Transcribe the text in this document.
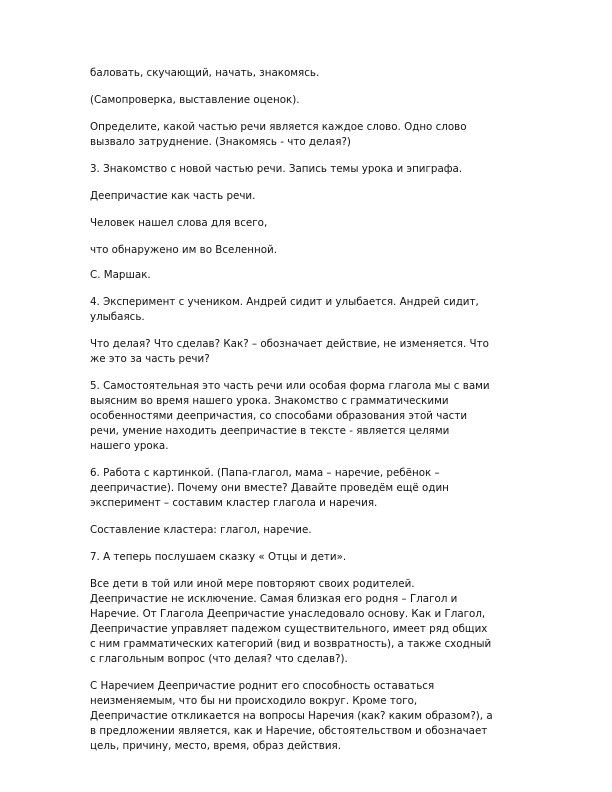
баловать, скучающий, начать, знакомясь.

(Самопроверка, выставление оценок).

Определите, какой частью речи является каждое слово. Одно слово
вызвало затруднение. (Знакомясь - что делая?)

3. Знакомство с новой частью речи. Запись темы урока и эпиграфа.

Деепричастие как часть речи.

Человек нашел слова для всего,

что обнаружено им во Вселенной.

С. Маршак.

4. Эксперимент с учеником. Андрей сидит и улыбается. Андрей сидит,
улыбаясь.

Что делая? Что сделав? Как? – обозначает действие, не изменяется. Что
же это за часть речи?

5. Самостоятельная это часть речи или особая форма глагола мы с вами
выясним во время нашего урока. Знакомство с грамматическими
особенностями деепричастия, со способами образования этой части
речи, умение находить деепричастие в тексте - является целями
нашего урока.

6. Работа с картинкой. (Папа-глагол, мама – наречие, ребёнок –
деепричастие). Почему они вместе? Давайте проведём ещё один
эксперимент – составим кластер глагола и наречия.

Составление кластера: глагол, наречие.

7. А теперь послушаем сказку « Отцы и дети».

Все дети в той или иной мере повторяют своих родителей.
Деепричастие не исключение. Самая близкая его родня – Глагол и
Наречие. От Глагола Деепричастие унаследовало основу. Как и Глагол,
Деепричастие управляет падежом существительного, имеет ряд общих
с ним грамматических категорий (вид и возвратность), а также сходный
с глагольным вопрос (что делая? что сделав?).

С Наречием Деепричастие роднит его способность оставаться
неизменяемым, что бы ни происходило вокруг. Кроме того,
Деепричастие откликается на вопросы Наречия (как? каким образом?), а
в предложении является, как и Наречие, обстоятельством и обозначает
цель, причину, место, время, образ действия.
